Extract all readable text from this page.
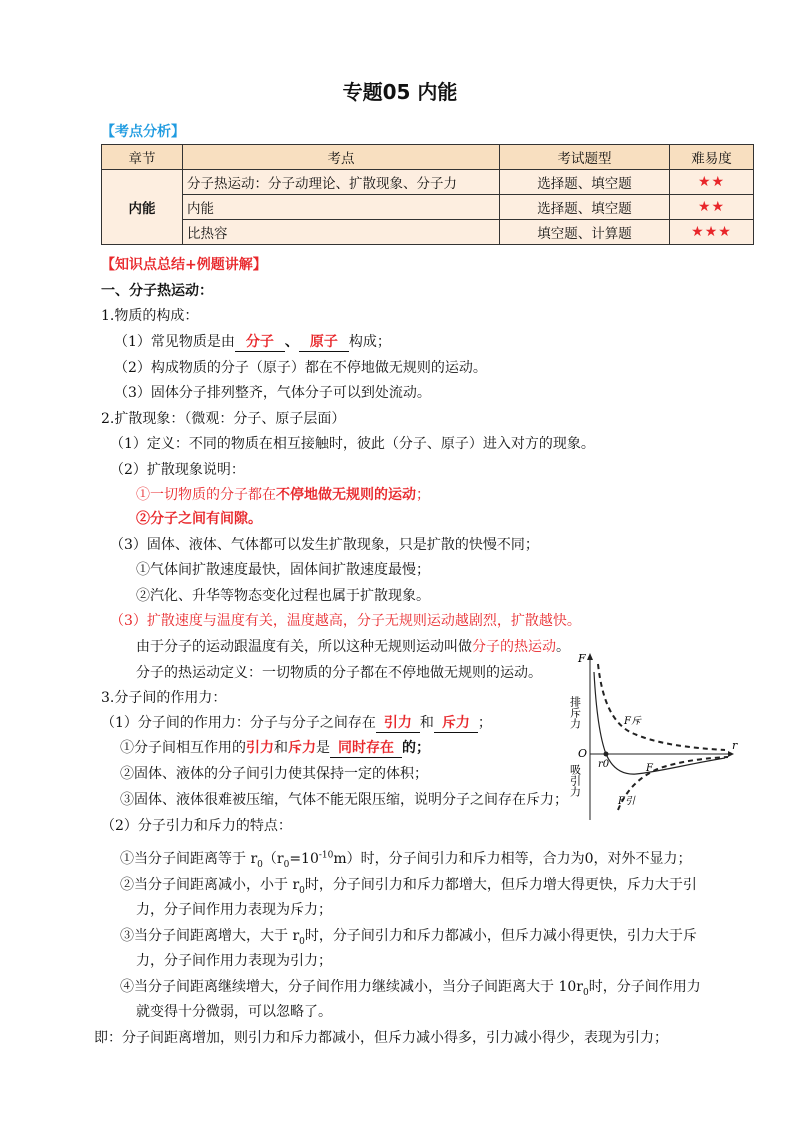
专题05 内能
【考点分析】
章节	考点	考试题型	难易度
内能	分子热运动：分子动理论、扩散现象、分子力	选择题、填空题	★★
	内能	选择题、填空题	★★
	比热容	填空题、计算题	★★★
【知识点总结+例题讲解】
一、分子热运动：
1.物质的构成：
（1）常见物质是由 分子 、 原子 构成；
（2）构成物质的分子（原子）都在不停地做无规则的运动。
（3）固体分子排列整齐，气体分子可以到处流动。
2.扩散现象：（微观：分子、原子层面）
（1）定义：不同的物质在相互接触时，彼此（分子、原子）进入对方的现象。
（2）扩散现象说明：
①一切物质的分子都在不停地做无规则的运动；
②分子之间有间隙。
（3）固体、液体、气体都可以发生扩散现象，只是扩散的快慢不同；
①气体间扩散速度最快，固体间扩散速度最慢；
②汽化、升华等物态变化过程也属于扩散现象。
（3）扩散速度与温度有关，温度越高，分子无规则运动越剧烈，扩散越快。
由于分子的运动跟温度有关，所以这种无规则运动叫做分子的热运动。
分子的热运动定义：一切物质的分子都在不停地做无规则的运动。
3.分子间的作用力：
（1）分子间的作用力：分子与分子之间存在 引力 和 斥力 ；
①分子间相互作用的引力和斥力是 同时存在 的；
②固体、液体的分子间引力使其保持一定的体积；
③固体、液体很难被压缩，气体不能无限压缩，说明分子之间存在斥力；
F
r
O
排斥力
吸引力 r0	F
F斥
F引
（2）分子引力和斥力的特点：
①当分子间距离等于 $r_0(r_0=10^{-10}m)$时，分子间引力和斥力相等，合力为0，对外不显力；
②当分子间距离减小，小于 $r_0$时，分子间引力和斥力都增大，但斥力增大得更快，斥力大于引
力，分子间作用力表现为斥力；
③当分子间距离增大，大于 $r_0$时，分子间引力和斥力都减小，但斥力减小得更快，引力大于斥
力，分子间作用力表现为引力；
④当分子间距离继续增大，分子间作用力继续减小，当分子间距离大于 $10r_0$时，分子间作用力
就变得十分微弱，可以忽略了。
即：分子间距离增加，则引力和斥力都减小，但斥力减小得多，引力减小得少，表现为引力；
